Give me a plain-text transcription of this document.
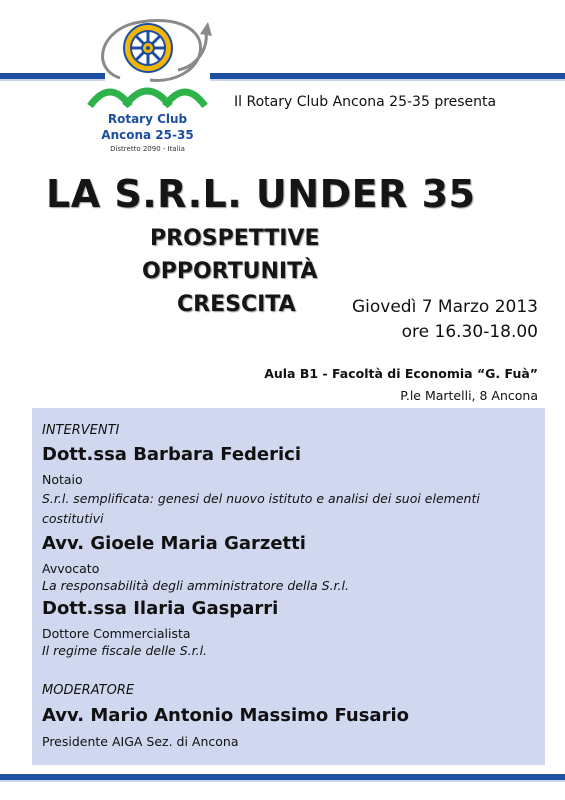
Rotary Club
Ancona 25-35
Distretto 2090 - Italia
Il Rotary Club Ancona 25-35 presenta
LA S.R.L. UNDER 35
PROSPETTIVE
OPPORTUNITÀ
CRESCITA	Giovedì 7 Marzo 2013
ore 16.30-18.00
Aula B1 - Facoltà di Economia “G. Fuà”
P.le Martelli, 8 Ancona
INTERVENTI
Dott.ssa Barbara Federici
Notaio
S.r.l. semplificata: genesi del nuovo istituto e analisi dei suoi elementi costitutivi
Avv. Gioele Maria Garzetti
Avvocato
La responsabilità degli amministratore della S.r.l.
Dott.ssa Ilaria Gasparri
Dottore Commercialista
Il regime fiscale delle S.r.l.
MODERATORE
Avv. Mario Antonio Massimo Fusario
Presidente AIGA Sez. di Ancona
